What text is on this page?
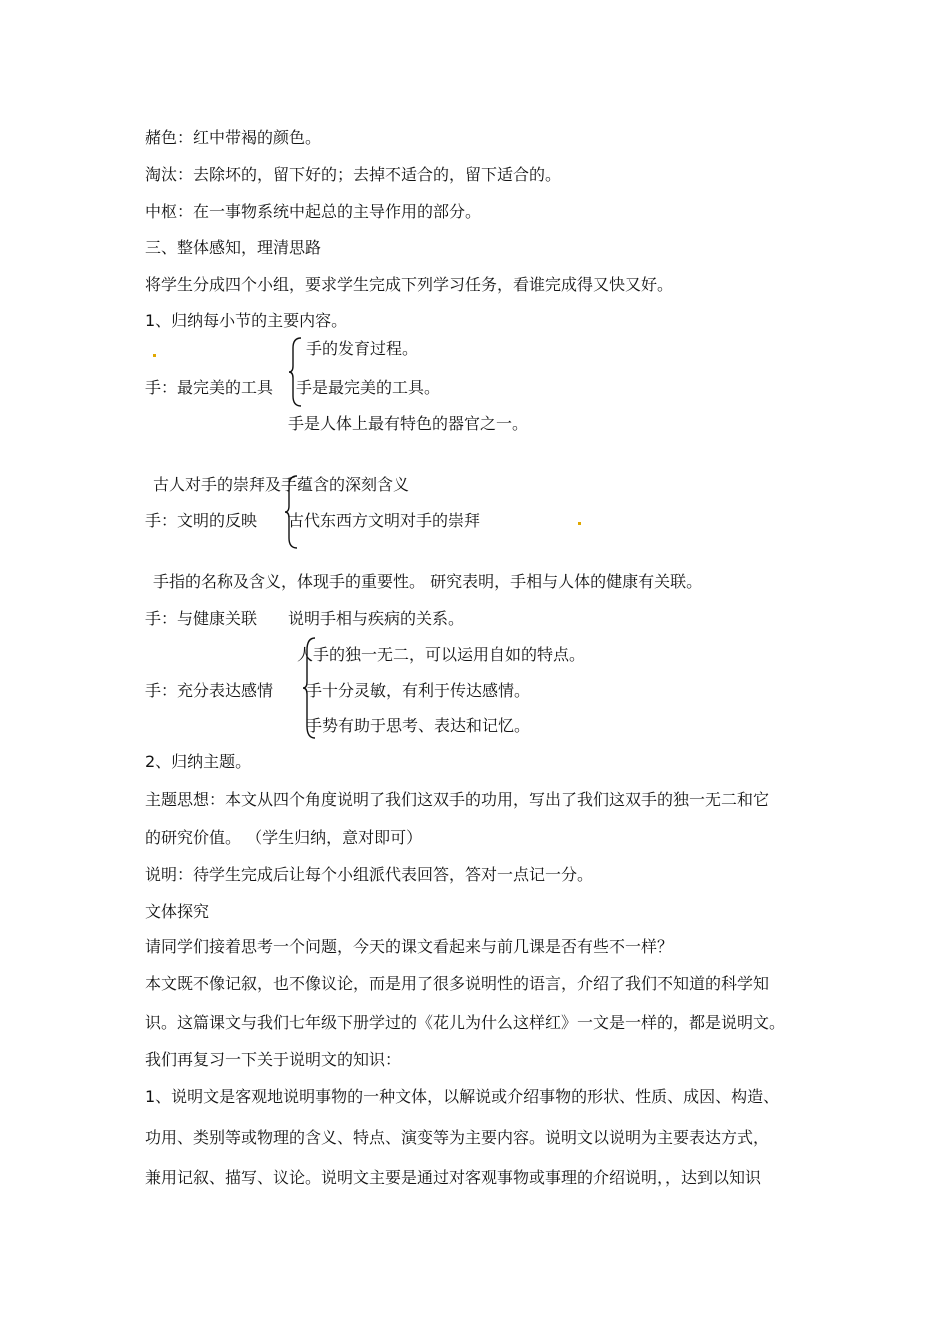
赭色：红中带褐的颜色。
淘汰：去除坏的，留下好的；去掉不适合的，留下适合的。
中枢：在一事物系统中起总的主导作用的部分。
三、整体感知，理清思路
将学生分成四个小组，要求学生完成下列学习任务，看谁完成得又快又好。
1、归纳每小节的主要内容。
手的发育过程。
手：最完美的工具 手是最完美的工具。
手是人体上最有特色的器官之一。
古人对手的崇拜及手蕴含的深刻含义
手：文明的反映 古代东西方文明对手的崇拜
手指的名称及含义，体现手的重要性。 研究表明，手相与人体的健康有关联。
手：与健康关联 说明手相与疾病的关系。
人手的独一无二，可以运用自如的特点。
手：充分表达感情 手十分灵敏，有利于传达感情。
手势有助于思考、表达和记忆。
2、归纳主题。
主题思想：本文从四个角度说明了我们这双手的功用，写出了我们这双手的独一无二和它
的研究价值。 （学生归纳，意对即可）
说明：待学生完成后让每个小组派代表回答，答对一点记一分。
文体探究
请同学们接着思考一个问题，今天的课文看起来与前几课是否有些不一样？
本文既不像记叙，也不像议论，而是用了很多说明性的语言，介绍了我们不知道的科学知
识。这篇课文与我们七年级下册学过的《花儿为什么这样红》一文是一样的，都是说明文。
我们再复习一下关于说明文的知识：
1、说明文是客观地说明事物的一种文体，以解说或介绍事物的形状、性质、成因、构造、
功用、类别等或物理的含义、特点、演变等为主要内容。说明文以说明为主要表达方式，
兼用记叙、描写、议论。说明文主要是通过对客观事物或事理的介绍说明，，达到以知识
